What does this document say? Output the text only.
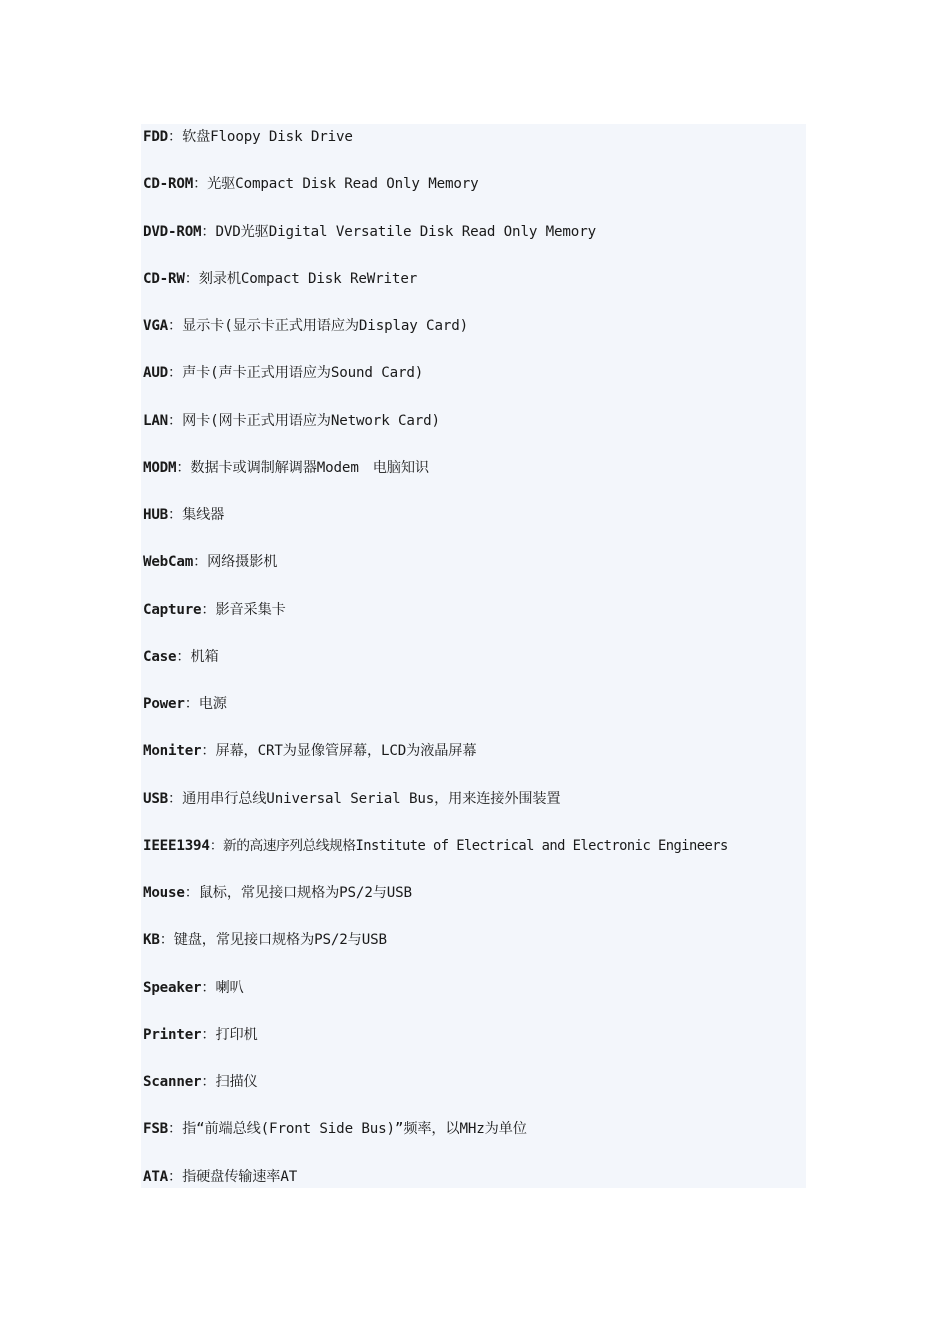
FDD：软盘Floopy Disk Drive
CD-ROM：光驱Compact Disk Read Only Memory
DVD-ROM：DVD光驱Digital Versatile Disk Read Only Memory
CD-RW：刻录机Compact Disk ReWriter
VGA：显示卡(显示卡正式用语应为Display Card)
AUD：声卡(声卡正式用语应为Sound Card)
LAN：网卡(网卡正式用语应为Network Card)
MODM：数据卡或调制解调器Modem　电脑知识
HUB：集线器
WebCam：网络摄影机
Capture：影音采集卡
Case：机箱
Power：电源
Moniter：屏幕，CRT为显像管屏幕，LCD为液晶屏幕
USB：通用串行总线Universal Serial Bus，用来连接外围装置
IEEE1394：新的高速序列总线规格Institute of Electrical and Electronic Engineers
Mouse：鼠标，常见接口规格为PS/2与USB
KB：键盘，常见接口规格为PS/2与USB
Speaker：喇叭
Printer：打印机
Scanner：扫描仪
FSB：指“前端总线(Front Side Bus)”频率，以MHz为单位
ATA：指硬盘传输速率AT
